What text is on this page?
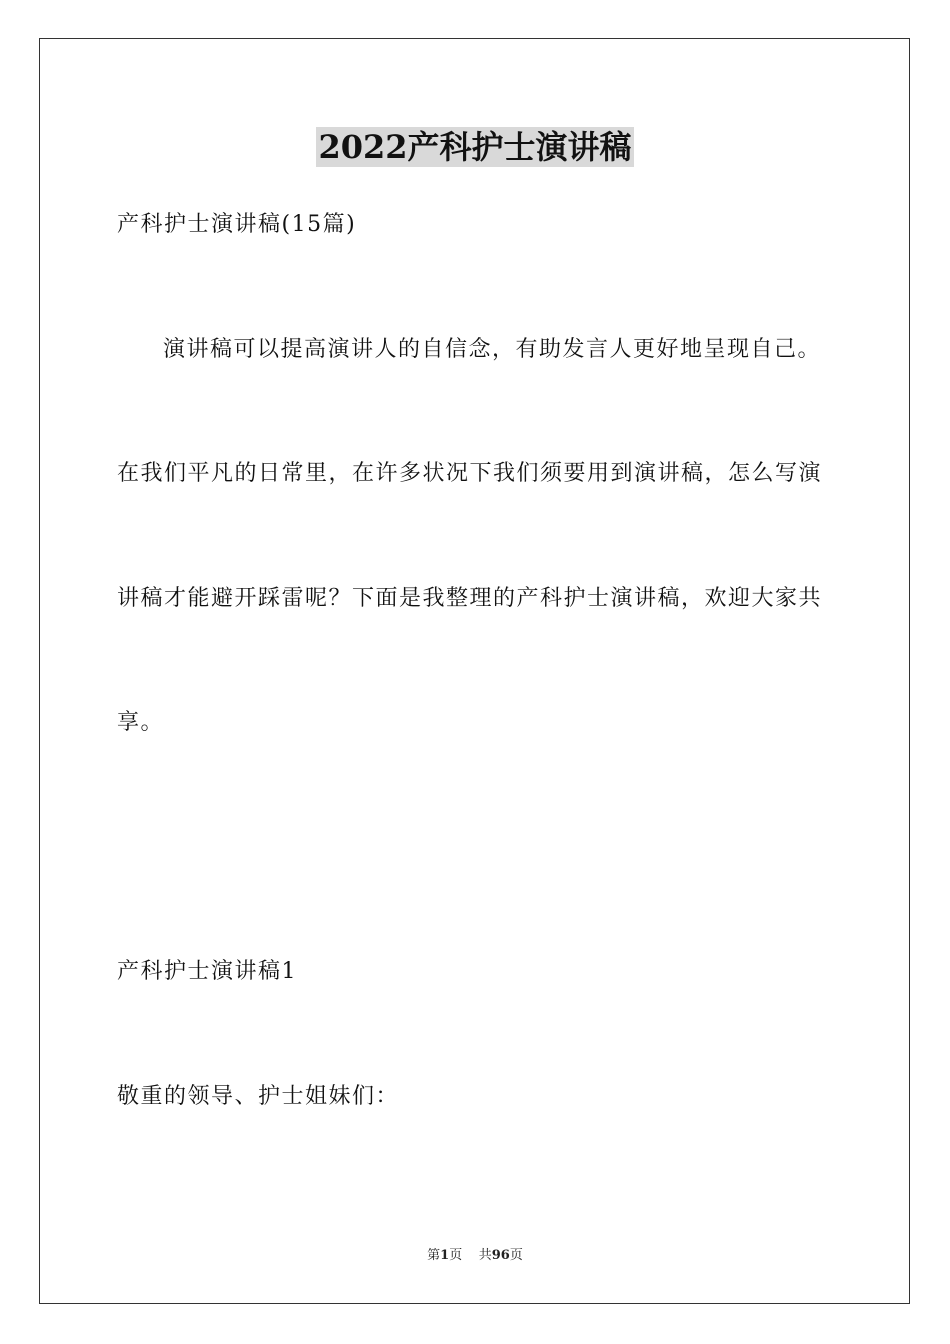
2022产科护士演讲稿
产科护士演讲稿(15篇)
演讲稿可以提高演讲人的自信念，有助发言人更好地呈现自己。
在我们平凡的日常里，在许多状况下我们须要用到演讲稿，怎么写演
讲稿才能避开踩雷呢？下面是我整理的产科护士演讲稿，欢迎大家共
享。
产科护士演讲稿1
敬重的领导、护士姐妹们：
第1页 共96页
